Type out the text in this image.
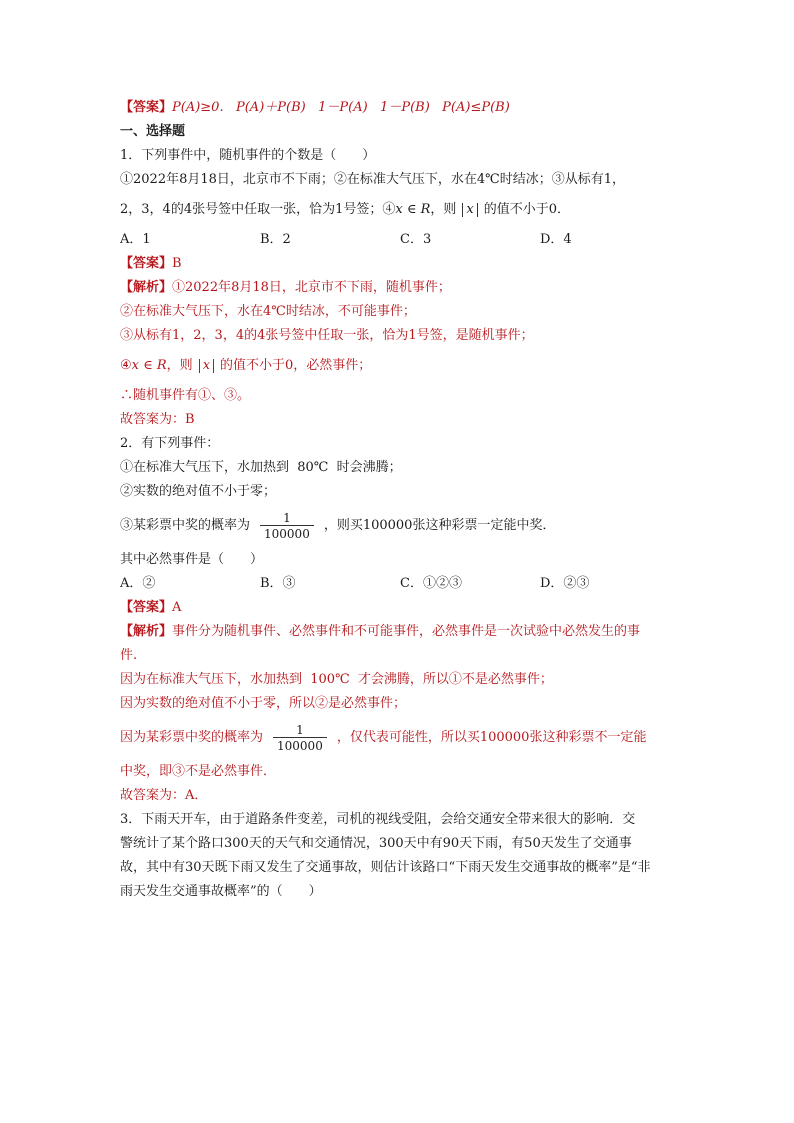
【答案】P(A)≥0.   P(A)＋P(B)   1－P(A)   1－P(B)   P(A)≤P(B)
一、选择题
1．下列事件中，随机事件的个数是（　　）
①2022年8月18日，北京市不下雨；②在标准大气压下，水在4℃时结冰；③从标有1，
2，3，4的4张号签中任取一张，恰为1号签；④x ∈ R，则 x 的值不小于0．
A．1	B．2	C．3	D．4
【答案】B
【解析】①2022年8月18日，北京市不下雨，随机事件；
②在标准大气压下，水在4℃时结冰，不可能事件；
③从标有1，2，3，4的4张号签中任取一张，恰为1号签，是随机事件；
④x ∈ R，则 x 的值不小于0，必然事件；
∴随机事件有①、③。
故答案为：B
2．有下列事件：
①在标准大气压下，水加热到  80℃  时会沸腾；
②实数的绝对值不小于零；
③某彩票中奖的概率为 $\frac{1}{100000}$ ，则买100000张这种彩票一定能中奖．
其中必然事件是（　　）
A．②	B．③	C．①②③	D．②③
【答案】A
【解析】事件分为随机事件、必然事件和不可能事件，必然事件是一次试验中必然发生的事
件.
因为在标准大气压下，水加热到  100℃  才会沸腾，所以①不是必然事件；
因为实数的绝对值不小于零，所以②是必然事件；
因为某彩票中奖的概率为 $\frac{1}{100000}$ ，仅代表可能性，所以买100000张这种彩票不一定能
中奖，即③不是必然事件．
故答案为：A．
3．下雨天开车，由于道路条件变差，司机的视线受阻，会给交通安全带来很大的影响．交
警统计了某个路口300天的天气和交通情况，300天中有90天下雨，有50天发生了交通事
故，其中有30天既下雨又发生了交通事故，则估计该路口“下雨天发生交通事故的概率”是“非
雨天发生交通事故概率”的（　　）
